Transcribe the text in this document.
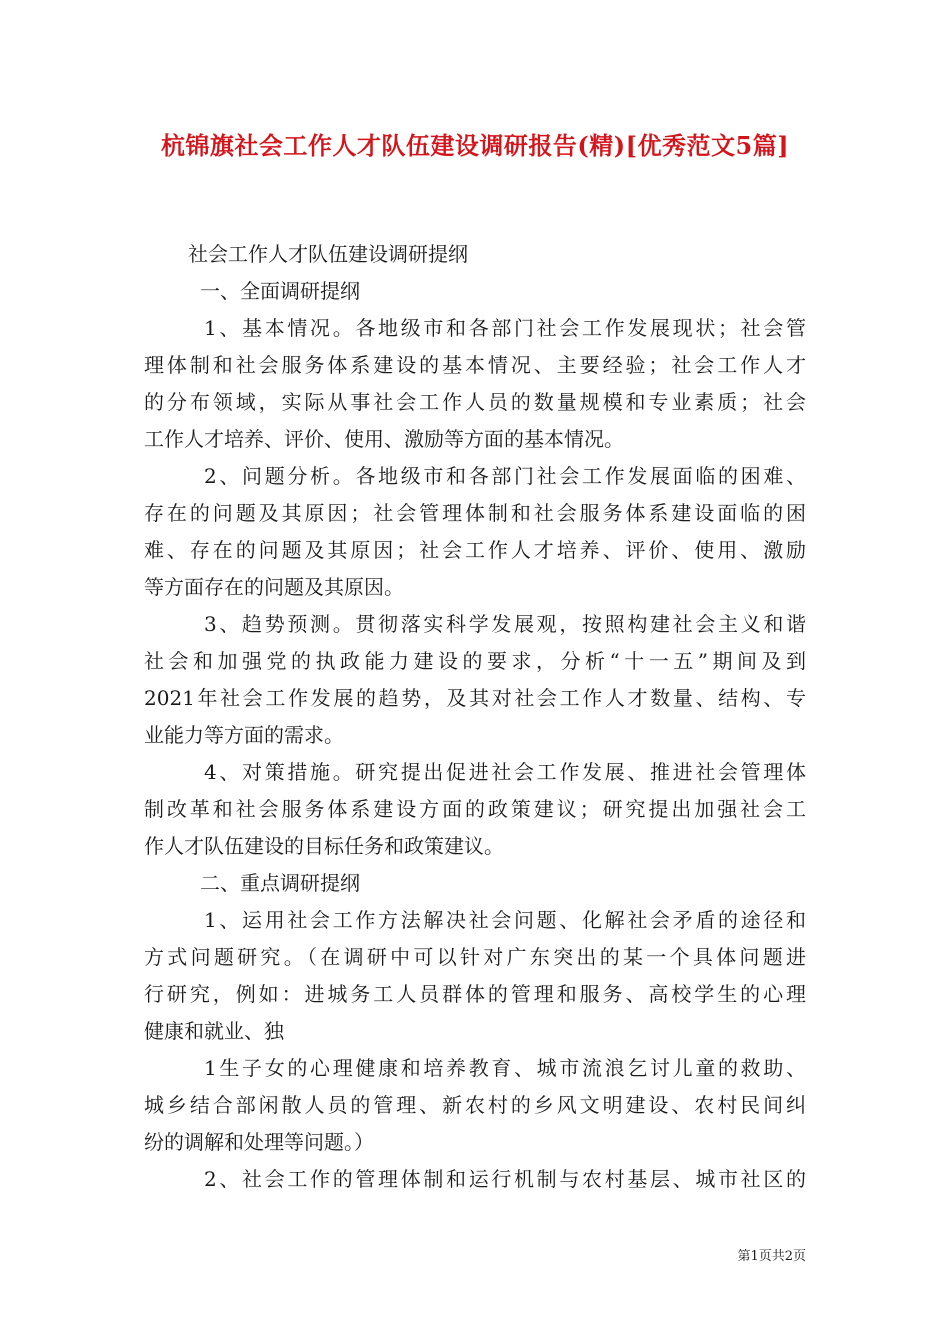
杭锦旗社会工作人才队伍建设调研报告(精)[优秀范文5篇]
社会工作人才队伍建设调研提纲
一、全面调研提纲
1、基本情况。各地级市和各部门社会工作发展现状；社会管
理体制和社会服务体系建设的基本情况、主要经验；社会工作人才
的分布领域，实际从事社会工作人员的数量规模和专业素质；社会
工作人才培养、评价、使用、激励等方面的基本情况。
2、问题分析。各地级市和各部门社会工作发展面临的困难、
存在的问题及其原因；社会管理体制和社会服务体系建设面临的困
难、存在的问题及其原因；社会工作人才培养、评价、使用、激励
等方面存在的问题及其原因。
3、趋势预测。贯彻落实科学发展观，按照构建社会主义和谐
社会和加强党的执政能力建设的要求，分析“十一五”期间及到
2021年社会工作发展的趋势，及其对社会工作人才数量、结构、专
业能力等方面的需求。
4、对策措施。研究提出促进社会工作发展、推进社会管理体
制改革和社会服务体系建设方面的政策建议；研究提出加强社会工
作人才队伍建设的目标任务和政策建议。
二、重点调研提纲
1、运用社会工作方法解决社会问题、化解社会矛盾的途径和
方式问题研究。（在调研中可以针对广东突出的某一个具体问题进
行研究，例如：进城务工人员群体的管理和服务、高校学生的心理
健康和就业、独
1生子女的心理健康和培养教育、城市流浪乞讨儿童的救助、
城乡结合部闲散人员的管理、新农村的乡风文明建设、农村民间纠
纷的调解和处理等问题。）
2、社会工作的管理体制和运行机制与农村基层、城市社区的
第1页共2页
